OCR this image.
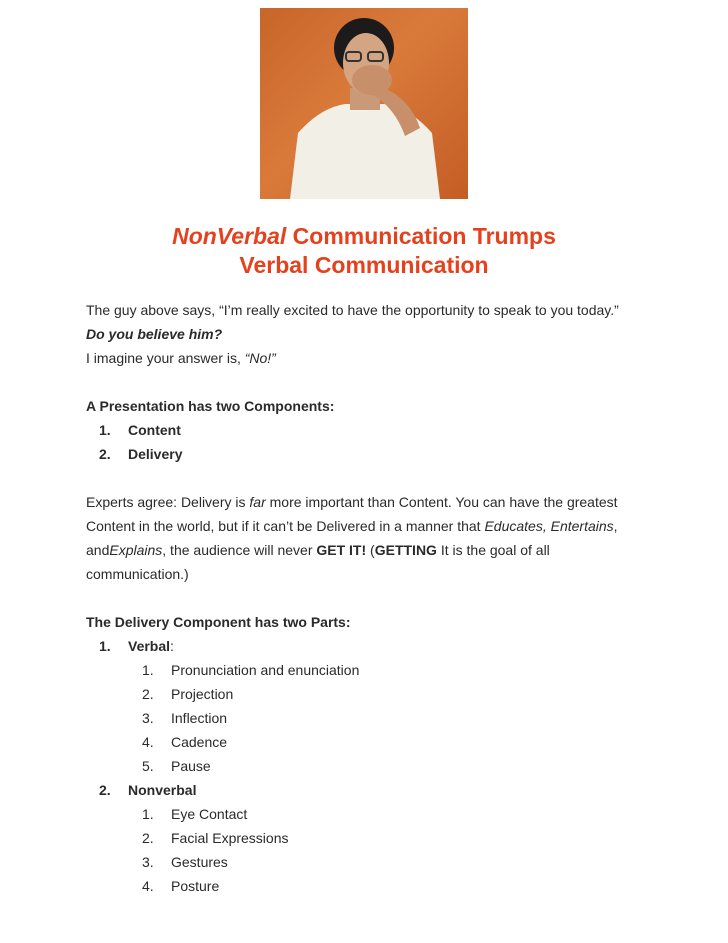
NonVerbal Communication Trumps
Verbal Communication

The guy above says, “I’m really excited to have the opportunity to speak to you today.”

Do you believe him?

I imagine your answer is, “No!”

A Presentation has two Components:

1.	Content

2.	Delivery

Experts agree: Delivery is far more important than Content. You can have the greatest Content in the world, but if it can’t be Delivered in a manner that Educates, Entertains, andExplains, the audience will never GET IT! (GETTING It is the goal of all communication.)

The Delivery Component has two Parts:

1.	Verbal:

1.	Pronunciation and enunciation

2.	Projection

3.	Inflection

4.	Cadence

5.	Pause

2.	Nonverbal

1.	Eye Contact

2.	Facial Expressions

3.	Gestures

4.	Posture
